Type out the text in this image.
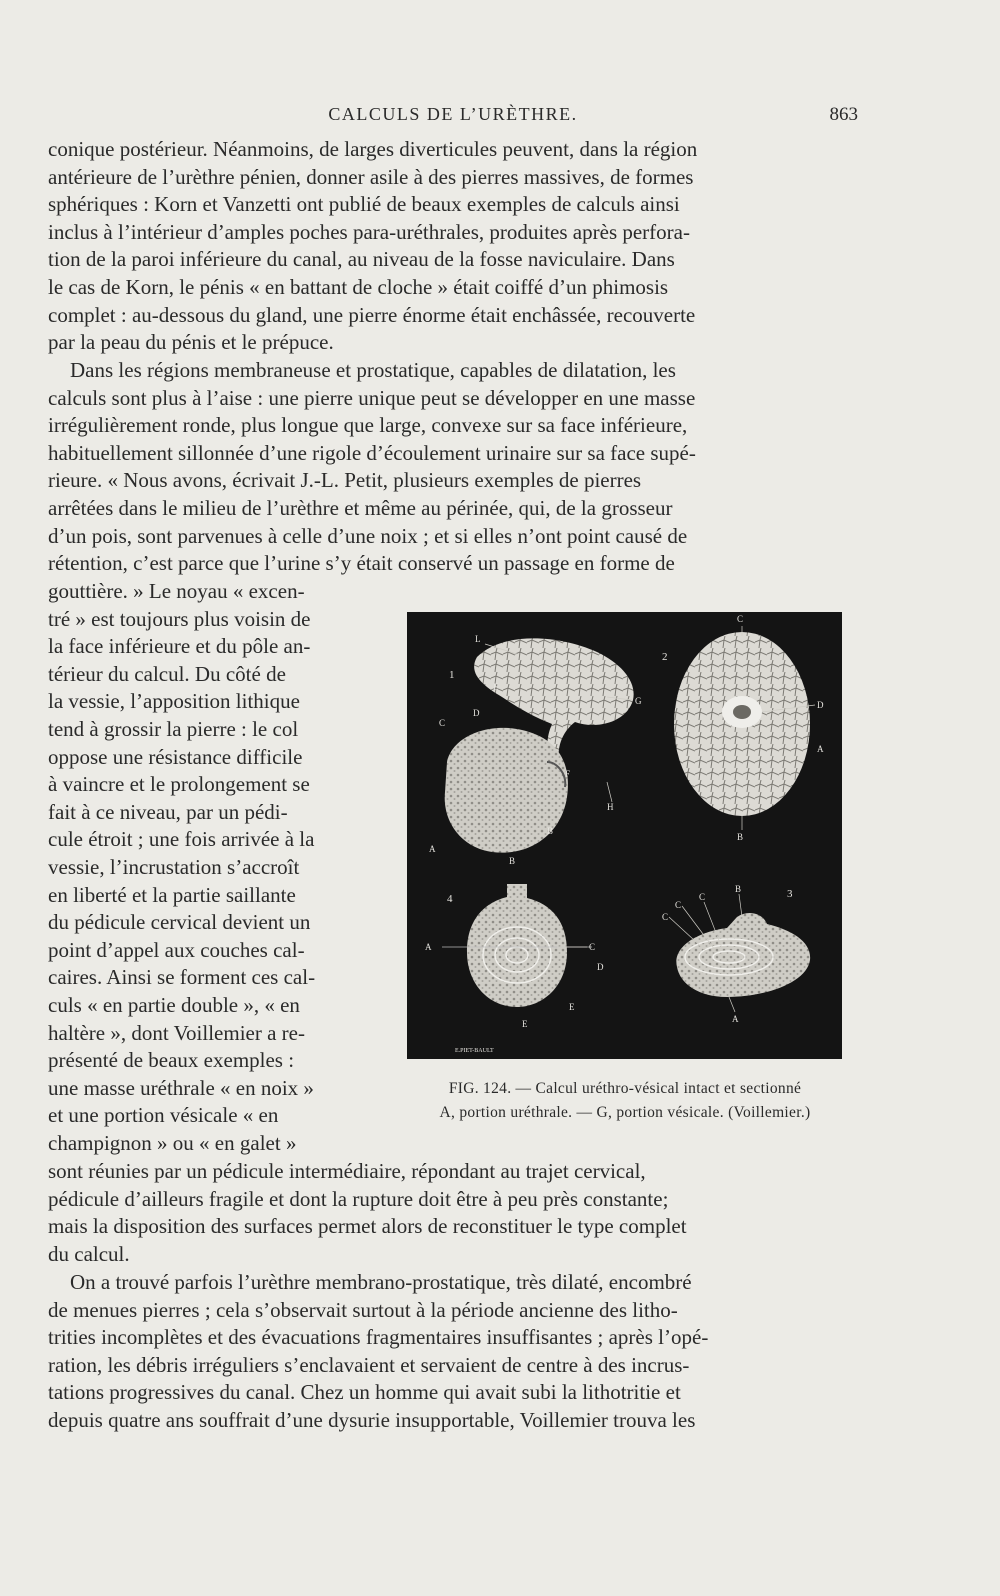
CALCULS DE L’URÈTHRE.	863
conique postérieur. Néanmoins, de larges diverticules peuvent, dans la région
antérieure de l’urèthre pénien, donner asile à des pierres massives, de formes
sphériques : Korn et Vanzetti ont publié de beaux exemples de calculs ainsi
inclus à l’intérieur d’amples poches para-uréthrales, produites après perfora-
tion de la paroi inférieure du canal, au niveau de la fosse naviculaire. Dans
le cas de Korn, le pénis « en battant de cloche » était coiffé d’un phimosis
complet : au-dessous du gland, une pierre énorme était enchâssée, recouverte
par la peau du pénis et le prépuce.
Dans les régions membraneuse et prostatique, capables de dilatation, les
calculs sont plus à l’aise : une pierre unique peut se développer en une masse
irrégulièrement ronde, plus longue que large, convexe sur sa face inférieure,
habituellement sillonnée d’une rigole d’écoulement urinaire sur sa face supé-
rieure. « Nous avons, écrivait J.-L. Petit, plusieurs exemples de pierres
arrêtées dans le milieu de l’urèthre et même au périnée, qui, de la grosseur
d’un pois, sont parvenues à celle d’une noix ; et si elles n’ont point causé de
rétention, c’est parce que l’urine s’y était conservé un passage en forme de
gouttière. » Le noyau « excen-
tré » est toujours plus voisin de
la face inférieure et du pôle an-
térieur du calcul. Du côté de
la vessie, l’apposition lithique
tend à grossir la pierre : le col
oppose une résistance difficile
à vaincre et le prolongement se
fait à ce niveau, par un pédi-
cule étroit ; une fois arrivée à la
vessie, l’incrustation s’accroît
en liberté et la partie saillante
du pédicule cervical devient un
point d’appel aux couches cal-
caires. Ainsi se forment ces cal-
culs « en partie double », « en
haltère », dont Voillemier a re-
présenté de beaux exemples :
une masse uréthrale « en noix »
et une portion vésicale « en
champignon » ou « en galet »
sont réunies par un pédicule intermédiaire, répondant au trajet cervical,
pédicule d’ailleurs fragile et dont la rupture doit être à peu près constante;
mais la disposition des surfaces permet alors de reconstituer le type complet
du calcul.
On a trouvé parfois l’urèthre membrano-prostatique, très dilaté, encombré
de menues pierres ; cela s’observait surtout à la période ancienne des litho-
trities incomplètes et des évacuations fragmentaires insuffisantes ; après l’opé-
ration, les débris irréguliers s’enclavaient et servaient de centre à des incrus-
tations progressives du canal. Chez un homme qui avait subi la lithotritie et
depuis quatre ans souffrait d’une dysurie insupportable, Voillemier trouva les
1
2
4	3
L
E
D
C
G
F
H
B
A
C
D
A
B
B
A	C
D
E
E
C
C
C
B
A
E.PIET-BAULT
FIG. 124. — Calcul uréthro-vésical intact et sectionné
A, portion uréthrale. — G, portion vésicale. (Voillemier.)
